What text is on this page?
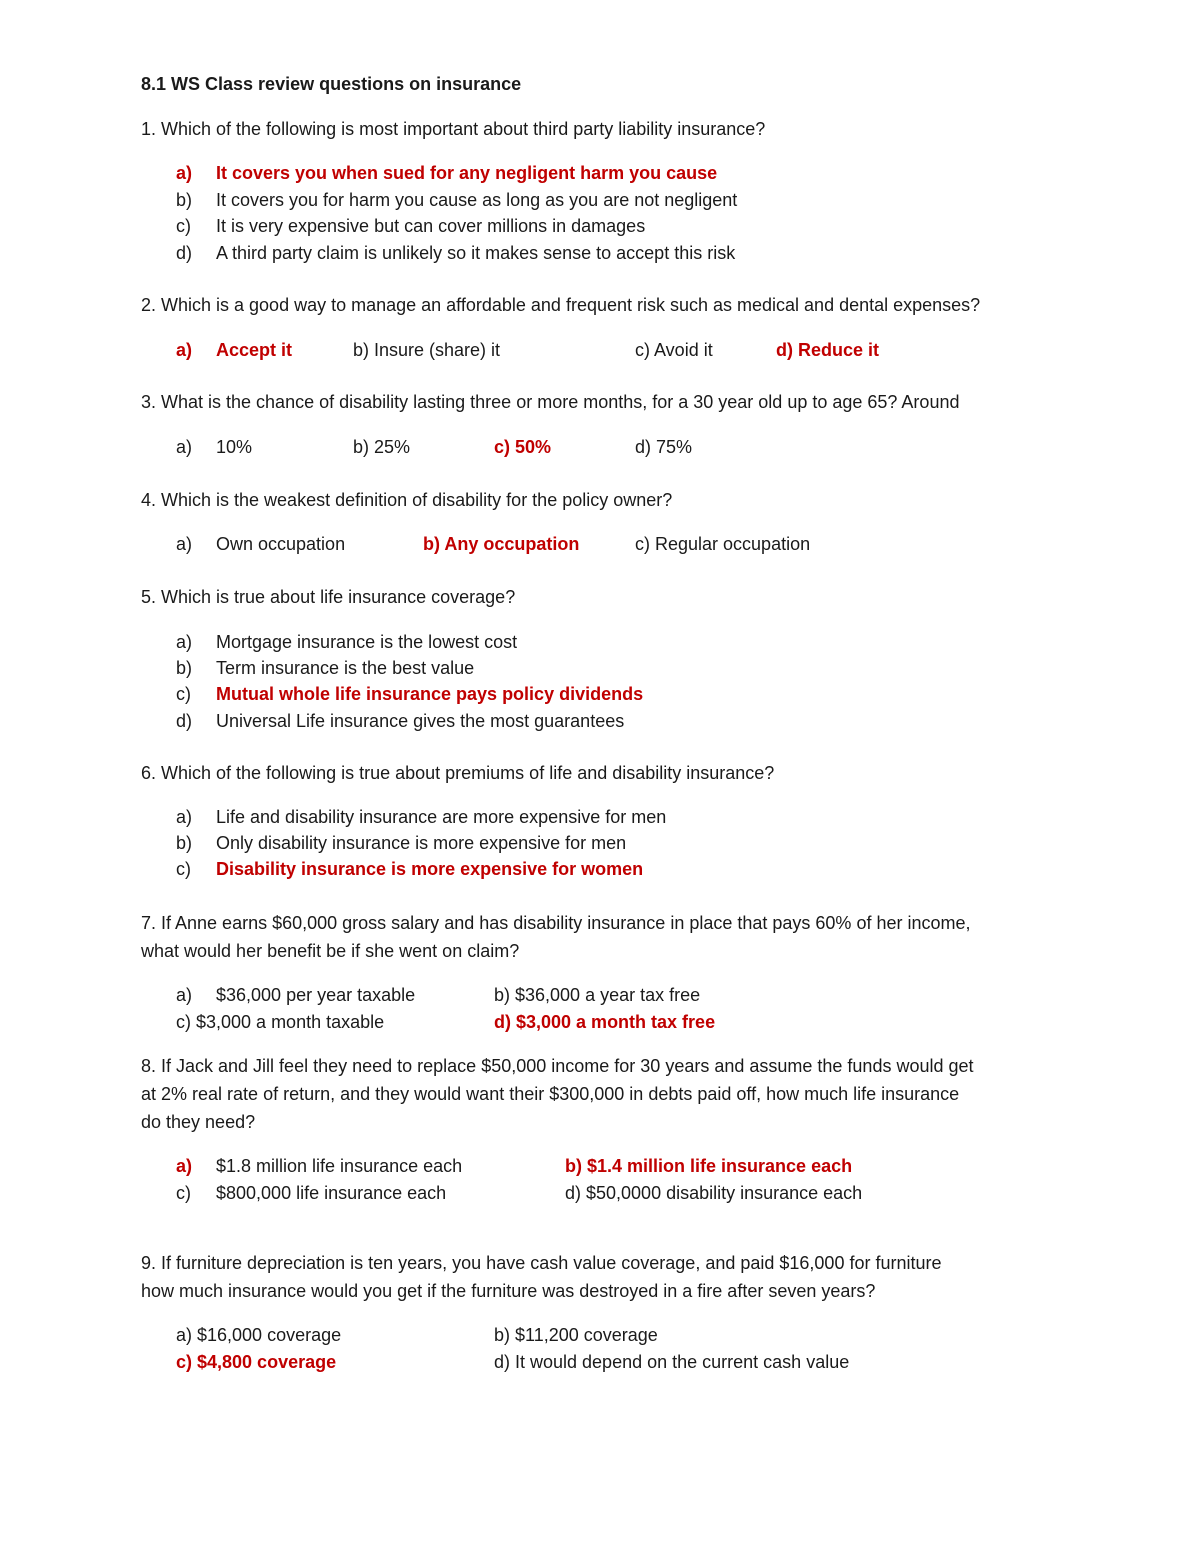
8.1 WS Class review questions on insurance
1. Which of the following is most important about third party liability insurance?
a) It covers you when sued for any negligent harm you cause
b) It covers you for harm you cause as long as you are not negligent
c) It is very expensive but can cover millions in damages
d) A third party claim is unlikely so it makes sense to accept this risk
2. Which is a good way to manage an affordable and frequent risk such as medical and dental expenses?
a) Accept it	b) Insure (share) it	c) Avoid it	d) Reduce it
3. What is the chance of disability lasting three or more months, for a 30 year old up to age 65? Around
a) 10%	b) 25%	c) 50%	d) 75%
4. Which is the weakest definition of disability for the policy owner?
a) Own occupation	b) Any occupation	c) Regular occupation
5. Which is true about life insurance coverage?
a) Mortgage insurance is the lowest cost
b) Term insurance is the best value
c) Mutual whole life insurance pays policy dividends
d) Universal Life insurance gives the most guarantees
6. Which of the following is true about premiums of life and disability insurance?
a) Life and disability insurance are more expensive for men
b) Only disability insurance is more expensive for men
c) Disability insurance is more expensive for women
7. If Anne earns $60,000 gross salary and has disability insurance in place that pays 60% of her income,
what would her benefit be if she went on claim?
a) $36,000 per year taxable	b) $36,000 a year tax free
c) $3,000 a month taxable	d) $3,000 a month tax free
8. If Jack and Jill feel they need to replace $50,000 income for 30 years and assume the funds would get
at 2% real rate of return, and they would want their $300,000 in debts paid off, how much life insurance
do they need?
a) $1.8 million life insurance each	b) $1.4 million life insurance each
c) $800,000 life insurance each	d) $50,0000 disability insurance each
9. If furniture depreciation is ten years, you have cash value coverage, and paid $16,000 for furniture
how much insurance would you get if the furniture was destroyed in a fire after seven years?
a) $16,000 coverage	b) $11,200 coverage
c) $4,800 coverage	d) It would depend on the current cash value
